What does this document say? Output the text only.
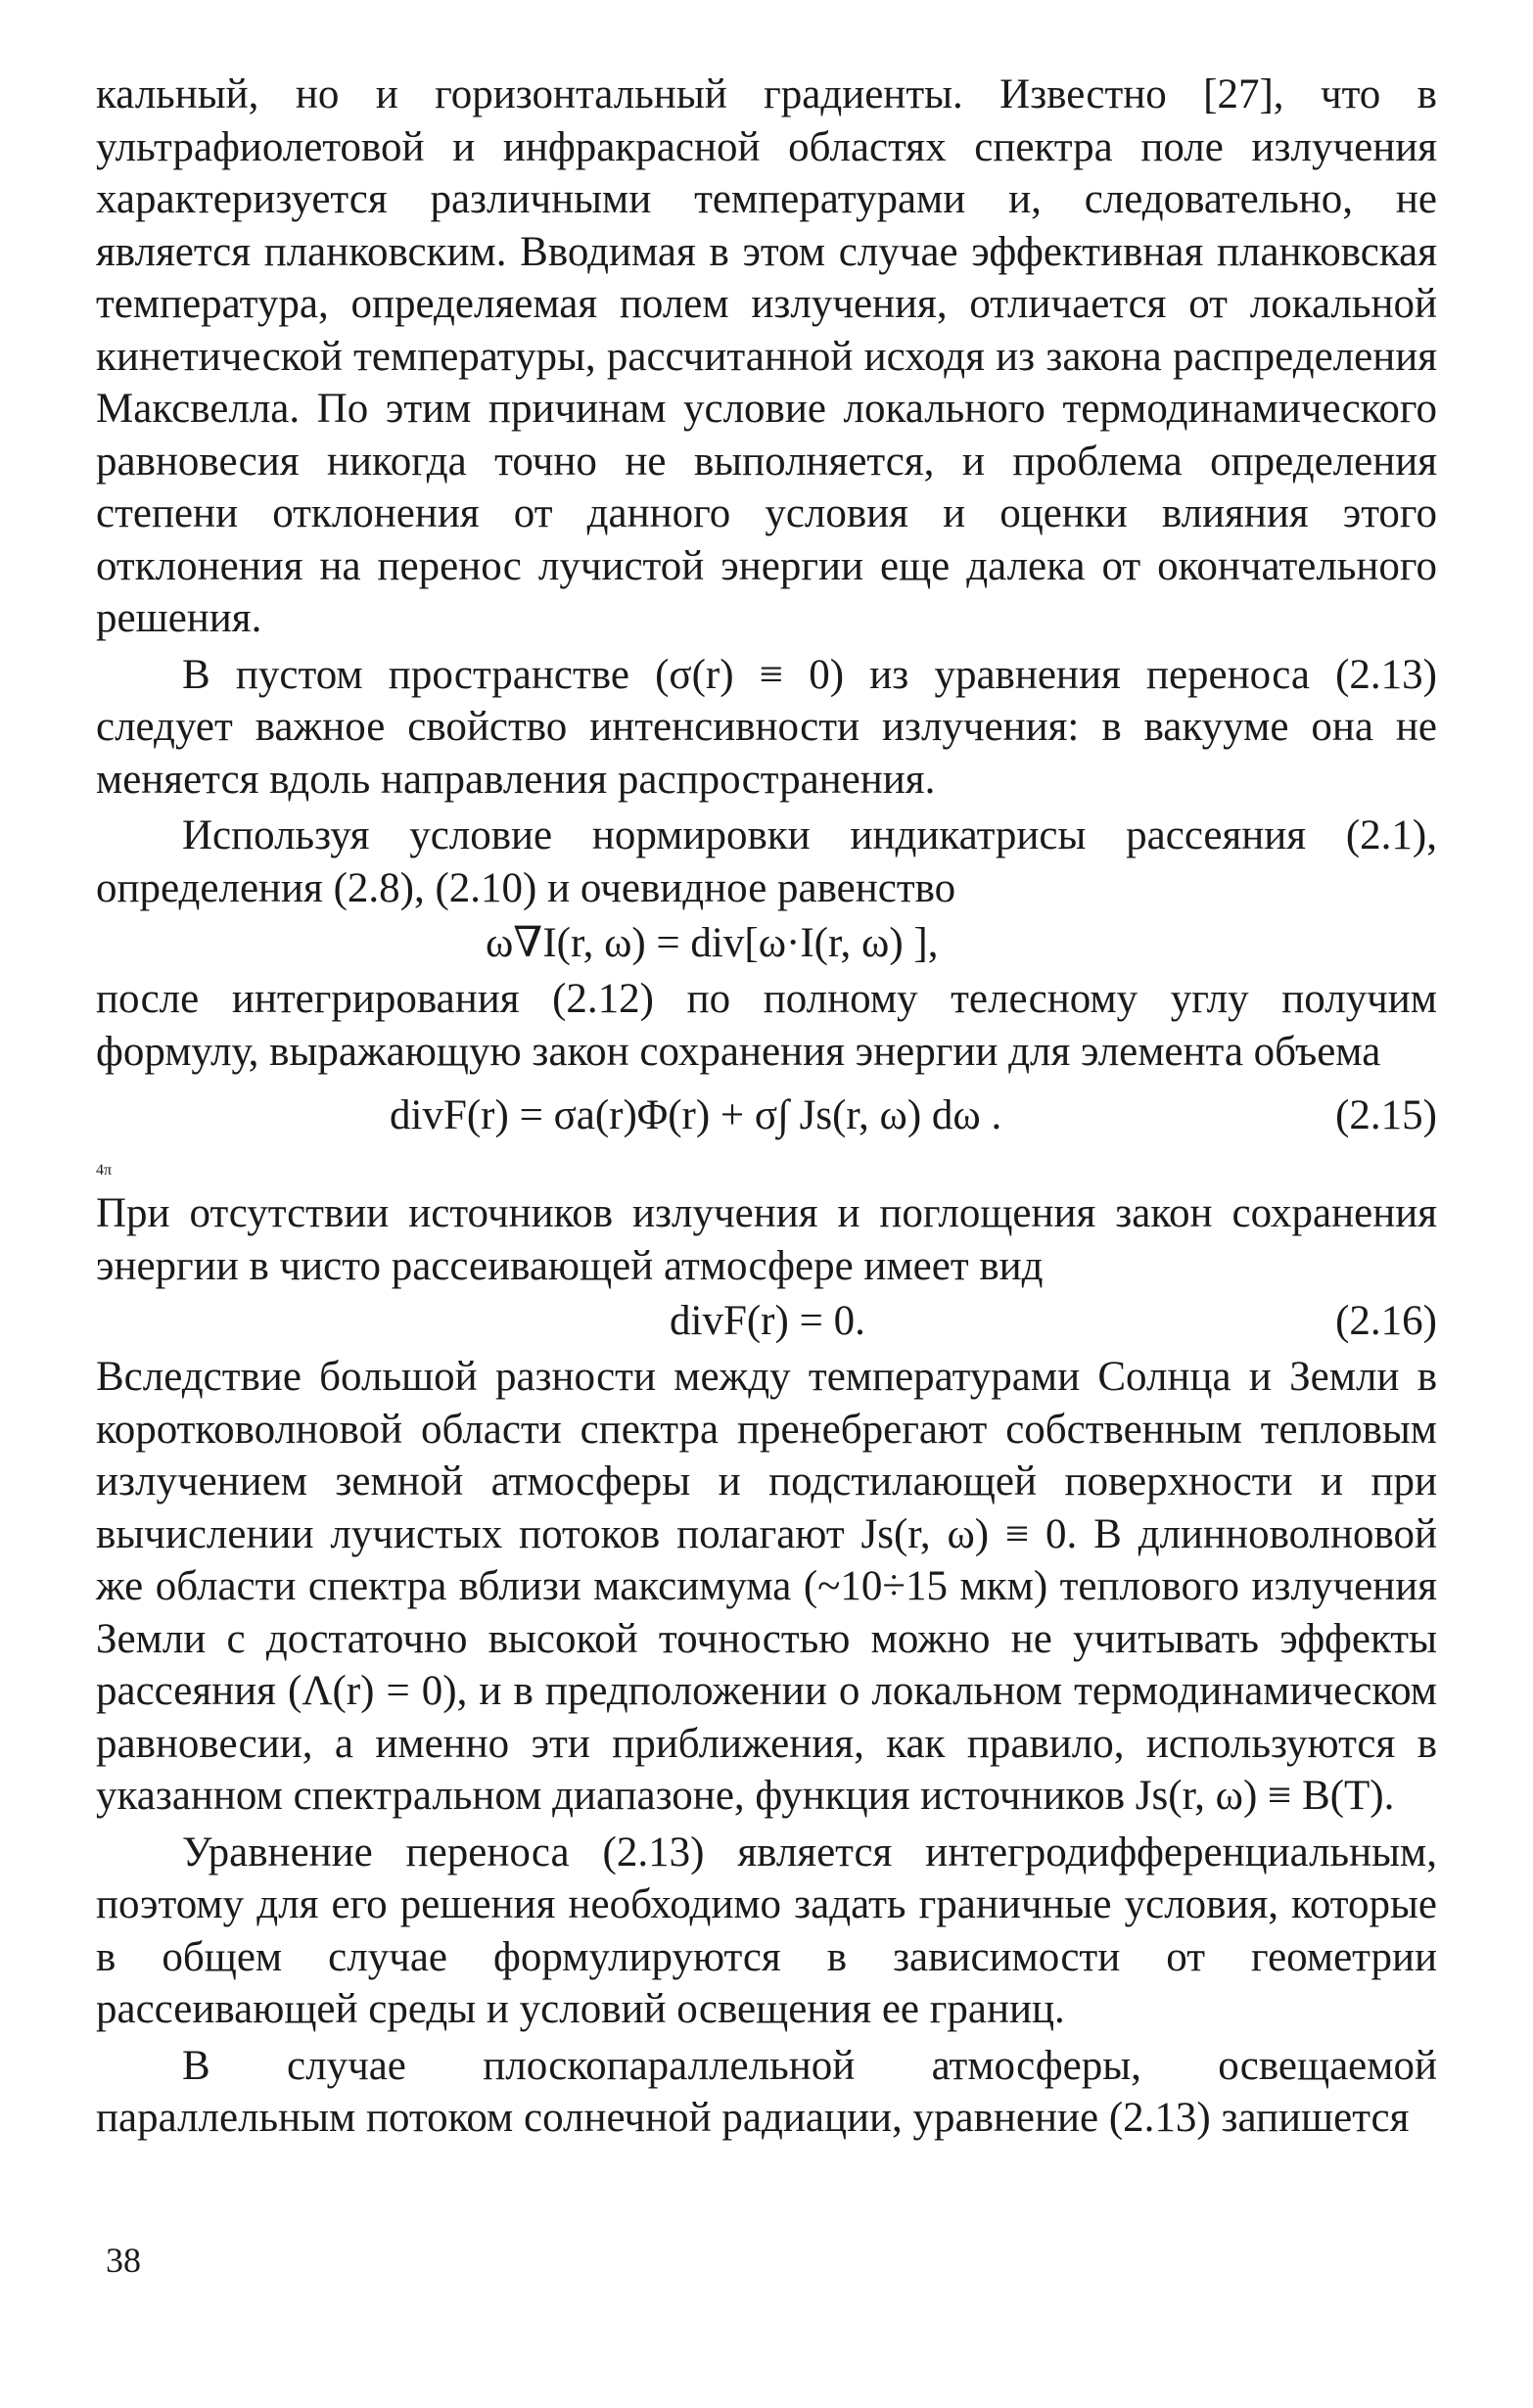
кальный, но и горизонтальный градиенты. Известно [27], что в ультрафиолетовой и инфракрасной областях спектра поле излучения характеризуется различными температурами и, следовательно, не является планковским. Вводимая в этом случае эффективная планковская температура, определяемая полем излучения, отличается от локальной кинетической температуры, рассчитанной исходя из закона распределения Максвелла. По этим причинам условие локального термодинамического равновесия никогда точно не выполняется, и проблема определения степени отклонения от данного условия и оценки влияния этого отклонения на перенос лучистой энергии еще далека от окончательного решения.

В пустом пространстве (σ(r) ≡ 0) из уравнения переноса (2.13) следует важное свойство интенсивности излучения: в вакууме она не меняется вдоль направления распространения.

Используя условие нормировки индикатрисы рассеяния (2.1), определения (2.8), (2.10) и очевидное равенство

ω∇I(r, ω) = div[ω·I(r, ω) ],

после интегрирования (2.12) по полному телесному углу получим формулу, выражающую закон сохранения энергии для элемента объема

divF(r) = σa(r)Φ(r) + σ∫ Js(r, ω) dω .	(2.15)
4π

При отсутствии источников излучения и поглощения закон сохранения энергии в чисто рассеивающей атмосфере имеет вид

divF(r) = 0.	(2.16)

Вследствие большой разности между температурами Солнца и Земли в коротковолновой области спектра пренебрегают собственным тепловым излучением земной атмосферы и подстилающей поверхности и при вычислении лучистых потоков полагают Js(r, ω) ≡ 0. В длинноволновой же области спектра вблизи максимума (~10÷15 мкм) теплового излучения Земли с достаточно высокой точностью можно не учитывать эффекты рассеяния (Λ(r) = 0), и в предположении о локальном термодинамическом равновесии, а именно эти приближения, как правило, используются в указанном спектральном диапазоне, функция источников Js(r, ω) ≡ B(T).

Уравнение переноса (2.13) является интегродифференциальным, поэтому для его решения необходимо задать граничные условия, которые в общем случае формулируются в зависимости от геометрии рассеивающей среды и условий освещения ее границ.

В случае плоскопараллельной атмосферы, освещаемой параллельным потоком солнечной радиации, уравнение (2.13) запишется

38
